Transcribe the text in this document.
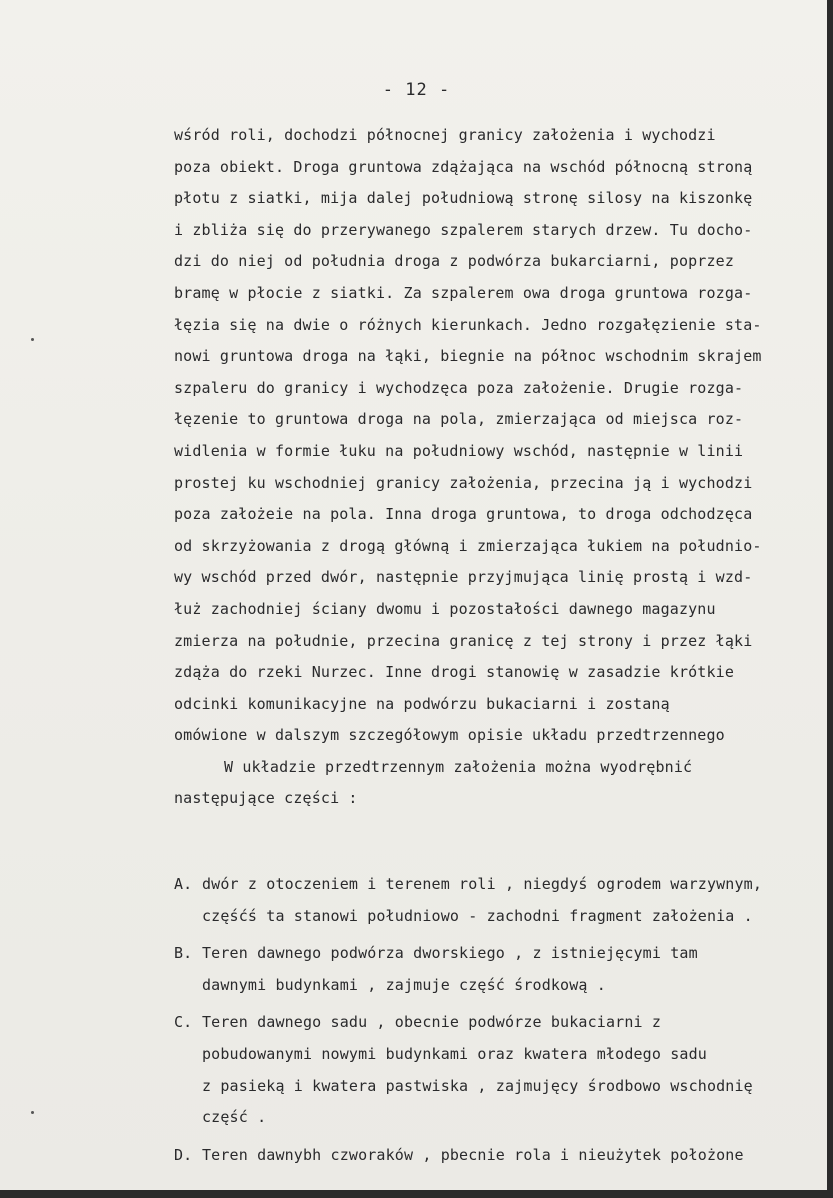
- 12 -
wśród roli, dochodzi północnej granicy założenia i wychodzi
poza obiekt. Droga gruntowa zdążająca na wschód północną stroną
płotu z siatki, mija dalej południową stronę silosy na kiszonkę
i zbliża się do przerywanego szpalerem starych drzew. Tu docho-
dzi do niej od południa droga z podwórza bukarciarni, poprzez
bramę w płocie z siatki. Za szpalerem owa droga gruntowa rozga-
łęzia się na dwie o różnych kierunkach. Jedno rozgałęzienie sta-
nowi gruntowa droga na łąki, biegnie na północ wschodnim skrajem
szpaleru do granicy i wychodzęca poza założenie. Drugie rozga-
łęzenie to gruntowa droga na pola, zmierzająca od miejsca roz-
widlenia w formie łuku na południowy wschód, następnie w linii
prostej ku wschodniej granicy założenia, przecina ją i wychodzi
poza założeie na pola. Inna droga gruntowa, to droga odchodzęca
od skrzyżowania z drogą główną i zmierzająca łukiem na południo-
wy wschód przed dwór, następnie przyjmująca linię prostą i wzd-
łuż zachodniej ściany dwomu i pozostałości dawnego magazynu
zmierza na południe, przecina granicę z tej strony i przez łąki
zdąża do rzeki Nurzec. Inne drogi stanowię w zasadzie krótkie
odcinki komunikacyjne na podwórzu bukaciarni i zostaną
omówione w dalszym szczegółowym opisie układu przedtrzennego
W układzie przedtrzennym założenia można wyodrębnić
następujące części :
A. dwór z otoczeniem i terenem roli , niegdyś ogrodem warzywnym,
częśćś ta stanowi południowo - zachodni fragment założenia .
B. Teren dawnego podwórza dworskiego , z istniejęcymi tam
dawnymi budynkami , zajmuje część środkową .
C. Teren dawnego sadu , obecnie podwórze bukaciarni z
pobudowanymi nowymi budynkami oraz kwatera młodego sadu
z pasieką i kwatera pastwiska , zajmujęcy środbowo wschodnię
część .
D. Teren dawnybh czworaków , pbecnie rola i nieużytek położone
